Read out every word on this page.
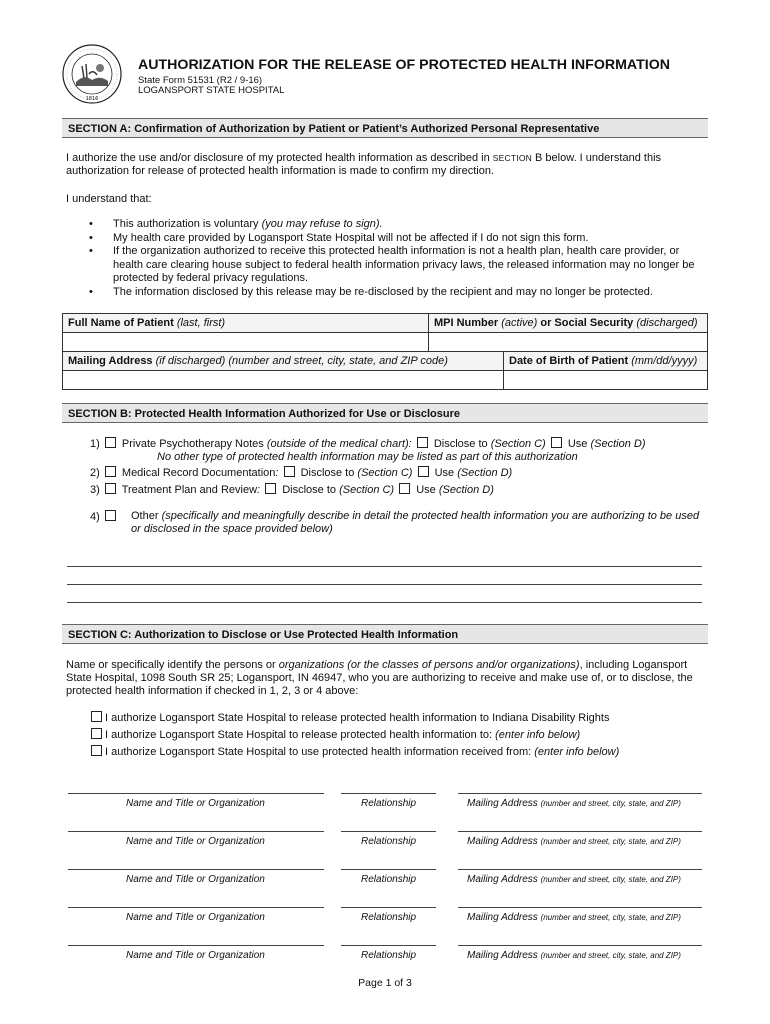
1816
AUTHORIZATION FOR THE RELEASE OF PROTECTED HEALTH INFORMATION
State Form 51531 (R2 / 9-16)
LOGANSPORT STATE HOSPITAL
SECTION A: Confirmation of Authorization by Patient or Patient’s Authorized Personal Representative
I authorize the use and/or disclosure of my protected health information as described in SECTION B below. I understand this authorization for release of protected health information is made to confirm my direction.
I understand that:
• This authorization is voluntary (you may refuse to sign).
• My health care provided by Logansport State Hospital will not be affected if I do not sign this form.
• If the organization authorized to receive this protected health information is not a health plan, health care provider, or health care clearing house subject to federal health information privacy laws, the released information may no longer be protected by federal privacy regulations.
• The information disclosed by this release may be re-disclosed by the recipient and may no longer be protected.
Full Name of Patient (last, first)	MPI Number (active) or Social Security (discharged)

Mailing Address (if discharged) (number and street, city, state, and ZIP code)	Date of Birth of Patient (mm/dd/yyyy)

SECTION B: Protected Health Information Authorized for Use or Disclosure
1) Private Psychotherapy Notes (outside of the medical chart): Disclose to (Section C) Use (Section D)
No other type of protected health information may be listed as part of this authorization
2) Medical Record Documentation: Disclose to (Section C) Use (Section D)
3) Treatment Plan and Review: Disclose to (Section C) Use (Section D)
4)	Other (specifically and meaningfully describe in detail the protected health information you are authorizing to be used or disclosed in the space provided below)
SECTION C: Authorization to Disclose or Use Protected Health Information
Name or specifically identify the persons or organizations (or the classes of persons and/or organizations), including Logansport State Hospital, 1098 South SR 25; Logansport, IN 46947, who you are authorizing to receive and make use of, or to disclose, the protected health information if checked in 1, 2, 3 or 4 above:
I authorize Logansport State Hospital to release protected health information to Indiana Disability Rights
I authorize Logansport State Hospital to release protected health information to: (enter info below)
I authorize Logansport State Hospital to use protected health information received from: (enter info below)
Name and Title or Organization	Relationship	Mailing Address (number and street, city, state, and ZIP)
Name and Title or Organization	Relationship	Mailing Address (number and street, city, state, and ZIP)
Name and Title or Organization	Relationship	Mailing Address (number and street, city, state, and ZIP)
Name and Title or Organization	Relationship	Mailing Address (number and street, city, state, and ZIP)
Name and Title or Organization	Relationship	Mailing Address (number and street, city, state, and ZIP)
Page 1 of 3
